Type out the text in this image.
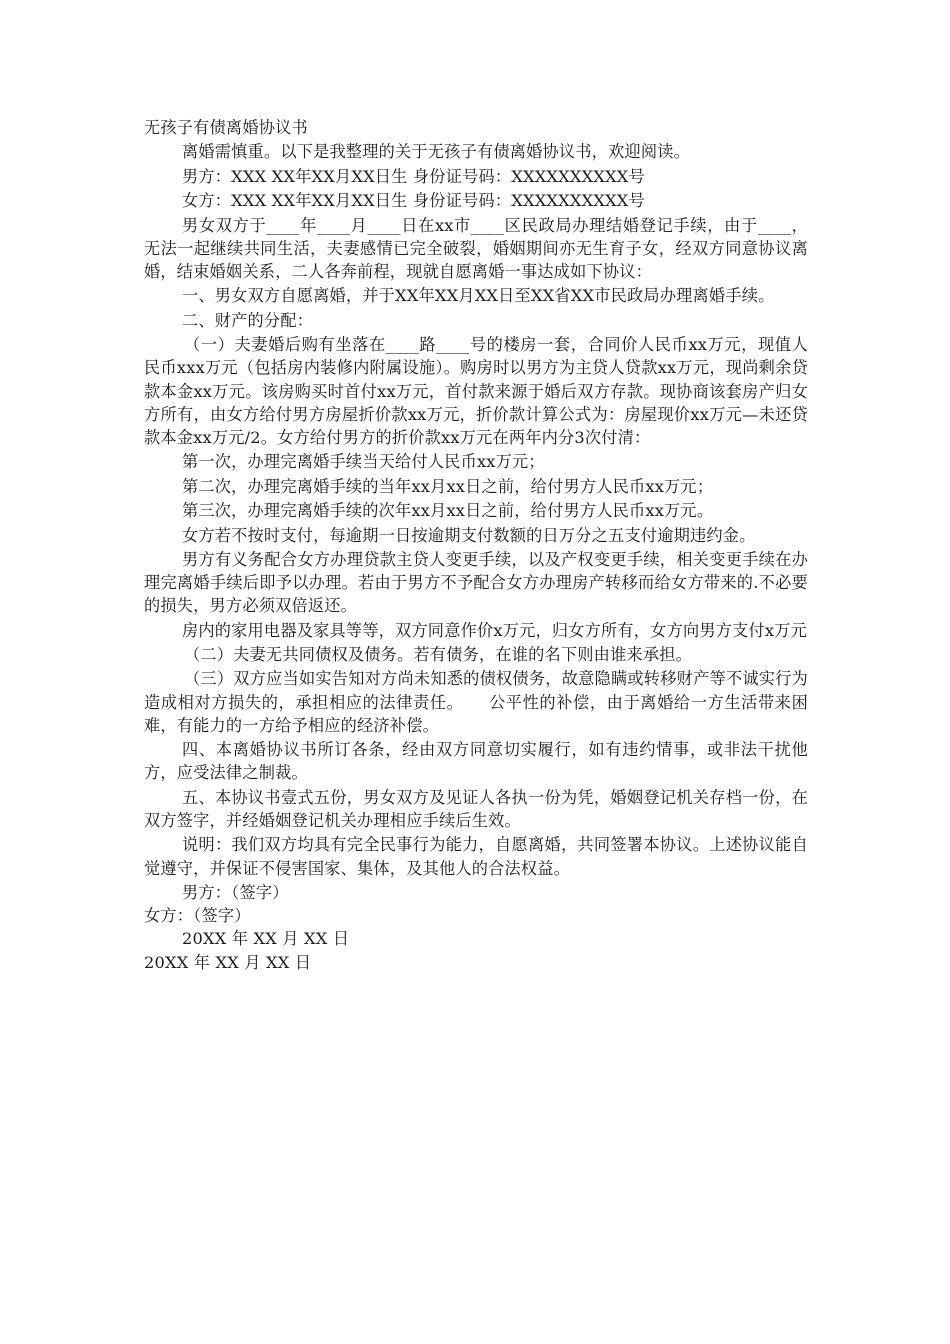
无孩子有债离婚协议书
离婚需慎重。以下是我整理的关于无孩子有债离婚协议书，欢迎阅读。
男方：XXX XX年XX月XX日生 身份证号码：XXXXXXXXXX号
女方：XXX XX年XX月XX日生 身份证号码：XXXXXXXXXX号
男女双方于____年____月____日在xx市____区民政局办理结婚登记手续，由于____，无法一起继续共同生活，夫妻感情已完全破裂，婚姻期间亦无生育子女，经双方同意协议离婚，结束婚姻关系，二人各奔前程，现就自愿离婚一事达成如下协议：
一、男女双方自愿离婚，并于XX年XX月XX日至XX省XX市民政局办理离婚手续。
二、财产的分配：
（一）夫妻婚后购有坐落在____路____号的楼房一套，合同价人民币xx万元，现值人民币xxx万元（包括房内装修内附属设施）。购房时以男方为主贷人贷款xx万元，现尚剩余贷款本金xx万元。该房购买时首付xx万元，首付款来源于婚后双方存款。现协商该套房产归女方所有，由女方给付男方房屋折价款xx万元，折价款计算公式为：房屋现价xx万元—未还贷款本金xx万元/2。女方给付男方的折价款xx万元在两年内分3次付清：
第一次，办理完离婚手续当天给付人民币xx万元；
第二次，办理完离婚手续的当年xx月xx日之前，给付男方人民币xx万元；
第三次，办理完离婚手续的次年xx月xx日之前，给付男方人民币xx万元。
女方若不按时支付，每逾期一日按逾期支付数额的日万分之五支付逾期违约金。
男方有义务配合女方办理贷款主贷人变更手续，以及产权变更手续，相关变更手续在办理完离婚手续后即予以办理。若由于男方不予配合女方办理房产转移而给女方带来的.不必要的损失，男方必须双倍返还。
房内的家用电器及家具等等，双方同意作价x万元，归女方所有，女方向男方支付x万元
（二）夫妻无共同债权及债务。若有债务，在谁的名下则由谁来承担。
（三）双方应当如实告知对方尚未知悉的债权债务，故意隐瞒或转移财产等不诚实行为造成相对方损失的，承担相应的法律责任。　　公平性的补偿，由于离婚给一方生活带来困难，有能力的一方给予相应的经济补偿。
四、本离婚协议书所订各条，经由双方同意切实履行，如有违约情事，或非法干扰他方，应受法律之制裁。
五、本协议书壹式五份，男女双方及见证人各执一份为凭，婚姻登记机关存档一份，在双方签字，并经婚姻登记机关办理相应手续后生效。
说明：我们双方均具有完全民事行为能力，自愿离婚，共同签署本协议。上述协议能自觉遵守，并保证不侵害国家、集体，及其他人的合法权益。
男方：（签字）
女方：（签字）
20XX 年 XX 月 XX 日
20XX 年 XX 月 XX 日
